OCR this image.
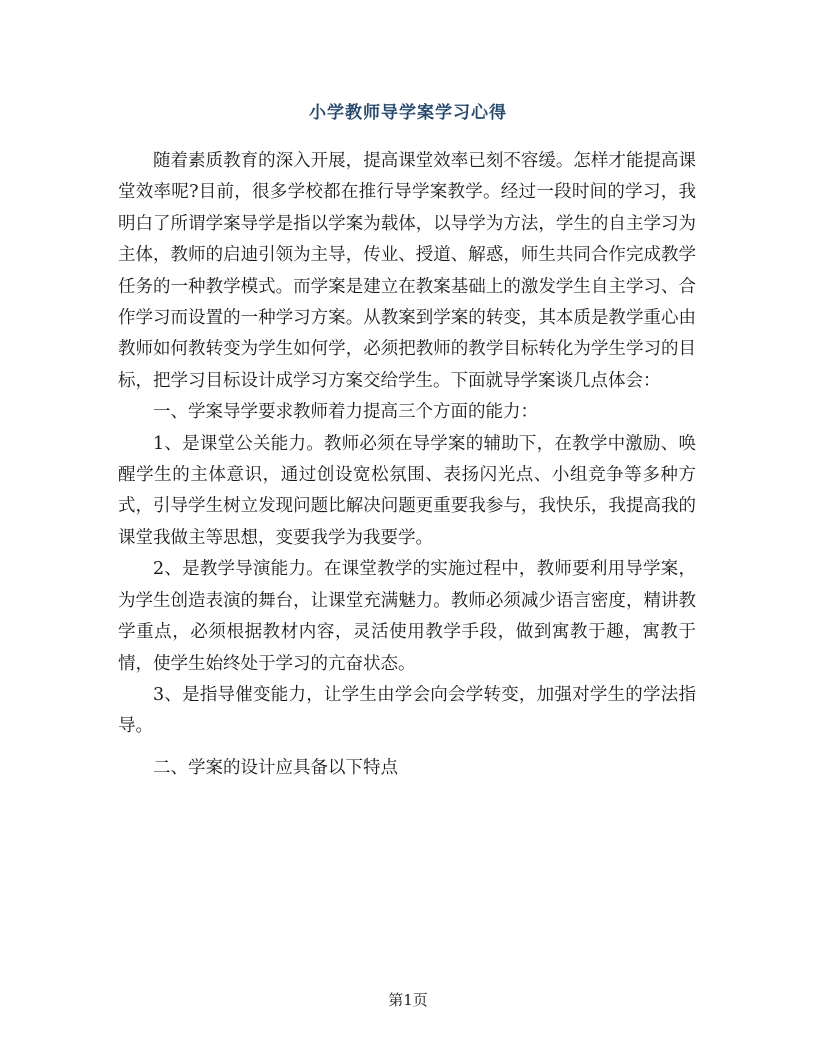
小学教师导学案学习心得

随着素质教育的深入开展，提高课堂效率已刻不容缓。怎样才能提高课堂效率呢?目前，很多学校都在推行导学案教学。经过一段时间的学习，我明白了所谓学案导学是指以学案为载体，以导学为方法，学生的自主学习为主体，教师的启迪引领为主导，传业、授道、解惑，师生共同合作完成教学任务的一种教学模式。而学案是建立在教案基础上的激发学生自主学习、合作学习而设置的一种学习方案。从教案到学案的转变，其本质是教学重心由教师如何教转变为学生如何学，必须把教师的教学目标转化为学生学习的目标，把学习目标设计成学习方案交给学生。下面就导学案谈几点体会：

一、学案导学要求教师着力提高三个方面的能力：

1、是课堂公关能力。教师必须在导学案的辅助下，在教学中激励、唤醒学生的主体意识，通过创设宽松氛围、表扬闪光点、小组竞争等多种方式，引导学生树立发现问题比解决问题更重要我参与，我快乐，我提高我的课堂我做主等思想，变要我学为我要学。

2、是教学导演能力。在课堂教学的实施过程中，教师要利用导学案，为学生创造表演的舞台，让课堂充满魅力。教师必须减少语言密度，精讲教学重点，必须根据教材内容，灵活使用教学手段，做到寓教于趣，寓教于情，使学生始终处于学习的亢奋状态。

3、是指导催变能力，让学生由学会向会学转变，加强对学生的学法指导。

二、学案的设计应具备以下特点

第1页
